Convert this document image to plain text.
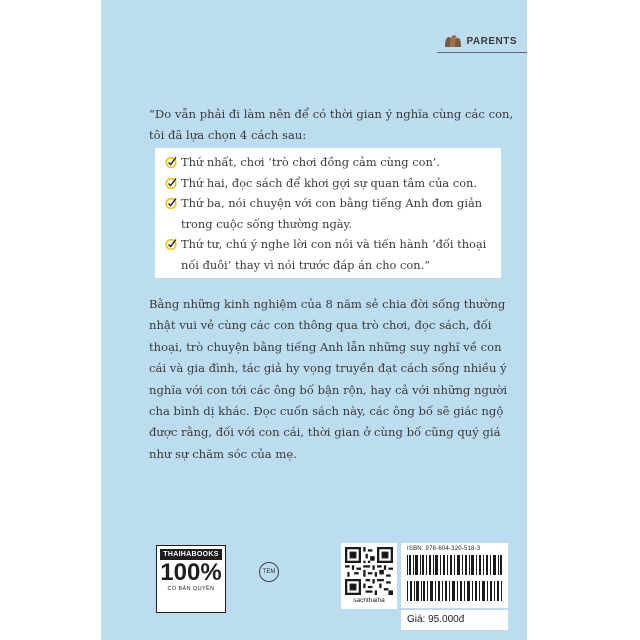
PARENTS
“Do vẫn phải đi làm nên để có thời gian ý nghĩa cùng các con, tôi đã lựa chọn 4 cách sau:
Thứ nhất, chơi ‘trò chơi đồng cảm cùng con’.
Thứ hai, đọc sách để khơi gợi sự quan tâm của con.
Thứ ba, nói chuyện với con bằng tiếng Anh đơn giản trong cuộc sống thường ngày.
Thứ tư, chú ý nghe lời con nói và tiến hành ‘đối thoại nối đuôi’ thay vì nói trước đáp án cho con.”
Bằng những kinh nghiệm của 8 năm sẻ chia đời sống thường nhật vui vẻ cùng các con thông qua trò chơi, đọc sách, đối thoại, trò chuyện bằng tiếng Anh lẫn những suy nghĩ về con cái và gia đình, tác giả hy vọng truyền đạt cách sống nhiều ý nghĩa với con tới các ông bố bận rộn, hay cả với những người cha bình dị khác. Đọc cuốn sách này, các ông bố sẽ giác ngộ được rằng, đối với con cái, thời gian ở cùng bố cũng quý giá như sự chăm sóc của mẹ.
THAIHABOOKS
100%
CÓ BẢN QUYỀN
TEM
sachthaiha
ISBN: 978-604-320-518-3
Giá: 95.000đ
